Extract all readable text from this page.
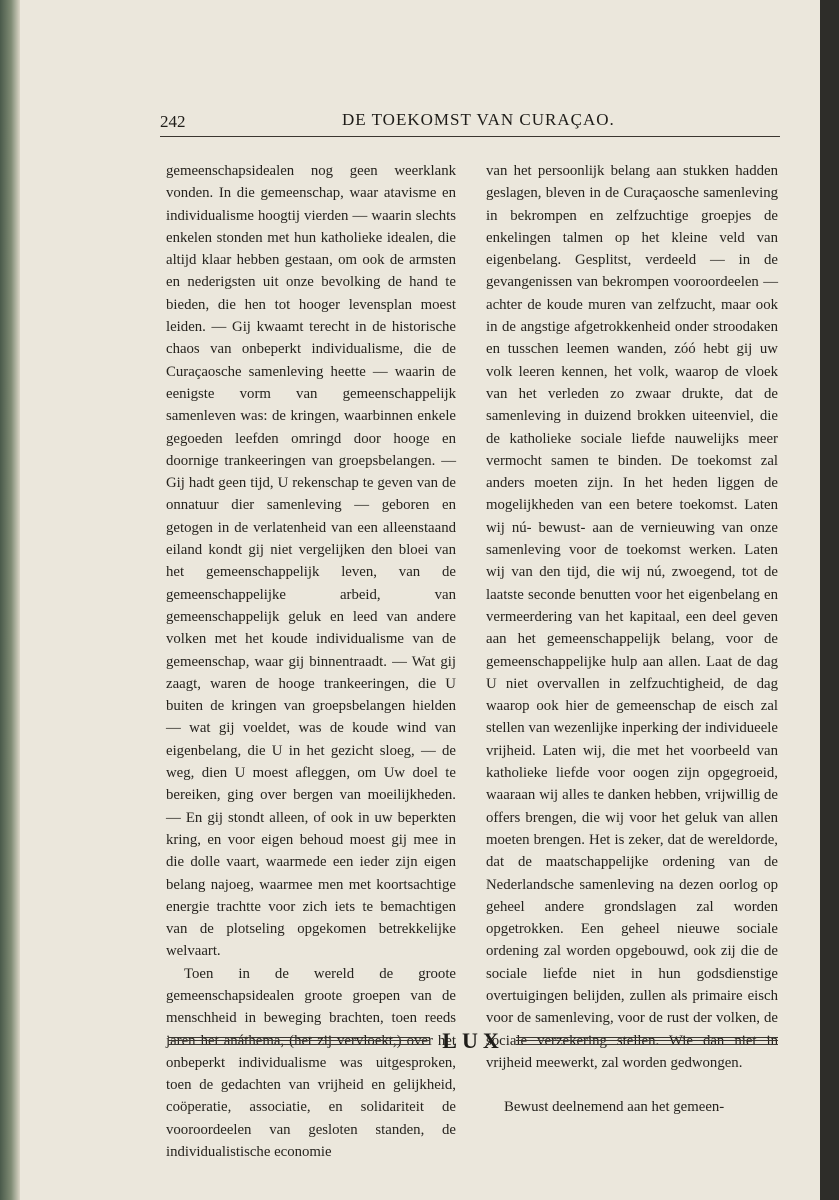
242	DE TOEKOMST VAN CURAÇAO.

gemeenschapsidealen nog geen weerklank vonden. In die gemeenschap, waar atavisme en individualisme hoogtij vierden — waarin slechts enkelen stonden met hun katholieke idealen, die altijd klaar hebben gestaan, om ook de armsten en nederigsten uit onze bevolking de hand te bieden, die hen tot hooger levensplan moest leiden. — Gij kwaamt terecht in de historische chaos van onbeperkt individualisme, die de Curaçaosche samenleving heette — waarin de eenigste vorm van gemeenschappelijk samenleven was: de kringen, waarbinnen enkele gegoeden leefden omringd door hooge en doornige trankeeringen van groepsbelangen. — Gij hadt geen tijd, U rekenschap te geven van de onnatuur dier samenleving — geboren en getogen in de verlatenheid van een alleenstaand eiland kondt gij niet vergelijken den bloei van het gemeenschappelijk leven, van de gemeenschappelijke arbeid, van gemeenschappelijk geluk en leed van andere volken met het koude individualisme van de gemeenschap, waar gij binnentraadt. — Wat gij zaagt, waren de hooge trankeeringen, die U buiten de kringen van groepsbelangen hielden — wat gij voeldet, was de koude wind van eigenbelang, die U in het gezicht sloeg, — de weg, dien U moest afleggen, om Uw doel te bereiken, ging over bergen van moeilijkheden. — En gij stondt alleen, of ook in uw beperkten kring, en voor eigen behoud moest gij mee in die dolle vaart, waarmede een ieder zijn eigen belang najoeg, waarmee men met koortsachtige energie trachtte voor zich iets te bemachtigen van de plotseling opgekomen betrekkelijke welvaart.

Toen in de wereld de groote gemeenschapsidealen groote groepen van de menschheid in beweging brachten, toen reeds jaren het anáthema, (het zij vervloekt,) over het onbeperkt individualisme was uitgesproken, toen de gedachten van vrijheid en gelijkheid, coöperatie, associatie, en solidariteit de vooroordeelen van gesloten standen, de individualistische economie

van het persoonlijk belang aan stukken hadden geslagen, bleven in de Curaçaosche samenleving in bekrompen en zelfzuchtige groepjes de enkelingen talmen op het kleine veld van eigenbelang. Gesplitst, verdeeld — in de gevangenissen van bekrompen vooroordeelen — achter de koude muren van zelfzucht, maar ook in de angstige afgetrokkenheid onder stroodaken en tusschen leemen wanden, zóó hebt gij uw volk leeren kennen, het volk, waarop de vloek van het verleden zo zwaar drukte, dat de samenleving in duizend brokken uiteenviel, die de katholieke sociale liefde nauwelijks meer vermocht samen te binden. De toekomst zal anders moeten zijn. In het heden liggen de mogelijkheden van een betere toekomst. Laten wij nú- bewust- aan de vernieuwing van onze samenleving voor de toekomst werken. Laten wij van den tijd, die wij nú, zwoegend, tot de laatste seconde benutten voor het eigenbelang en vermeerdering van het kapitaal, een deel geven aan het gemeenschappelijk belang, voor de gemeenschappelijke hulp aan allen. Laat de dag U niet overvallen in zelfzuchtigheid, de dag waarop ook hier de gemeenschap de eisch zal stellen van wezenlijke inperking der individueele vrijheid. Laten wij, die met het voorbeeld van katholieke liefde voor oogen zijn opgegroeid, waaraan wij alles te danken hebben, vrijwillig de offers brengen, die wij voor het geluk van allen moeten brengen. Het is zeker, dat de wereldorde, dat de maatschappelijke ordening van de Nederlandsche samenleving na dezen oorlog op geheel andere grondslagen zal worden opgetrokken. Een geheel nieuwe sociale ordening zal worden opgebouwd, ook zij die de sociale liefde niet in hun godsdienstige overtuigingen belijden, zullen als primaire eisch voor de samenleving, voor de rust der volken, de sociale verzekering stellen. Wie dan niet in vrijheid meewerkt, zal worden gedwongen.

Bewust deelnemend aan het gemeen-

LUX
